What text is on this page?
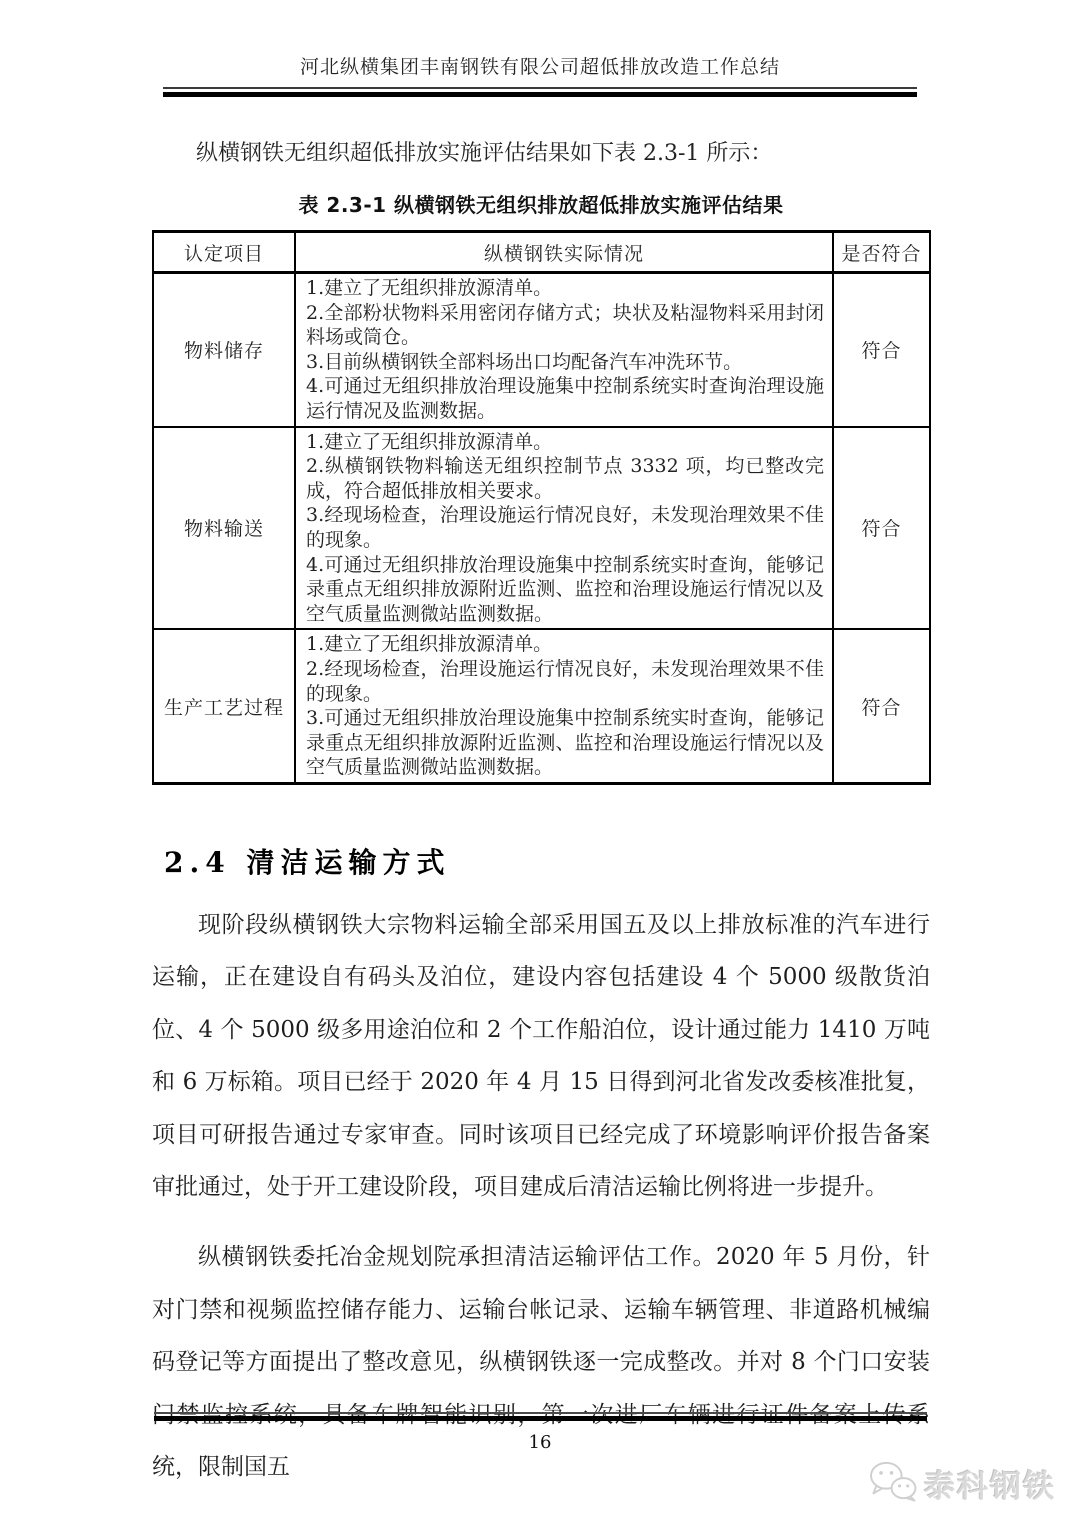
河北纵横集团丰南钢铁有限公司超低排放改造工作总结

纵横钢铁无组织超低排放实施评估结果如下表 2.3-1 所示：

表 2.3-1 纵横钢铁无组织排放超低排放实施评估结果
认定项目	纵横钢铁实际情况	是否符合
物料储存	1.建立了无组织排放源清单。
2.全部粉状物料采用密闭存储方式；块状及粘湿物料采用封闭料场或筒仓。
3.目前纵横钢铁全部料场出口均配备汽车冲洗环节。
4.可通过无组织排放治理设施集中控制系统实时查询治理设施运行情况及监测数据。	符合
物料输送	1.建立了无组织排放源清单。
2.纵横钢铁物料输送无组织控制节点 3332 项，均已整改完成，符合超低排放相关要求。
3.经现场检查，治理设施运行情况良好，未发现治理效果不佳的现象。
4.可通过无组织排放治理设施集中控制系统实时查询，能够记录重点无组织排放源附近监测、监控和治理设施运行情况以及空气质量监测微站监测数据。	符合
生产工艺过程	1.建立了无组织排放源清单。
2.经现场检查，治理设施运行情况良好，未发现治理效果不佳的现象。
3.可通过无组织排放治理设施集中控制系统实时查询，能够记录重点无组织排放源附近监测、监控和治理设施运行情况以及空气质量监测微站监测数据。	符合
2.4 清洁运输方式

现阶段纵横钢铁大宗物料运输全部采用国五及以上排放标准的汽车进行运输，正在建设自有码头及泊位，建设内容包括建设 4 个 5000 级散货泊位、4 个 5000 级多用途泊位和 2 个工作船泊位，设计通过能力 1410 万吨和 6 万标箱。项目已经于 2020 年 4 月 15 日得到河北省发改委核准批复，项目可研报告通过专家审查。同时该项目已经完成了环境影响评价报告备案审批通过，处于开工建设阶段，项目建成后清洁运输比例将进一步提升。

纵横钢铁委托冶金规划院承担清洁运输评估工作。2020 年 5 月份，针对门禁和视频监控储存能力、运输台帐记录、运输车辆管理、非道路机械编码登记等方面提出了整改意见，纵横钢铁逐一完成整改。并对 8 个门口安装门禁监控系统，具备车牌智能识别，第一次进厂车辆进行证件备案上传系统，限制国五

16
泰科钢铁
